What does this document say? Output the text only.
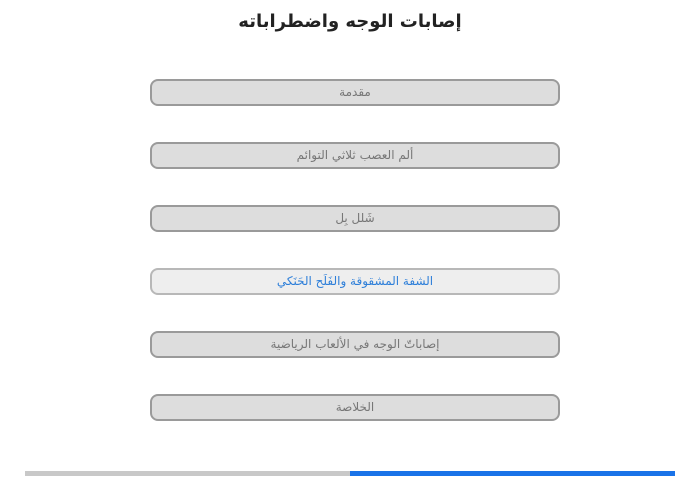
إصابات الوجه واضطراباته
مقدمة
ألم العصب ثلاثي التوائم
شَلل بِل
الشفة المشقوقة والفَلَح الحَنَكي
إصاباتّ الوجه في الألعاب الرياضية
الخلاصة
